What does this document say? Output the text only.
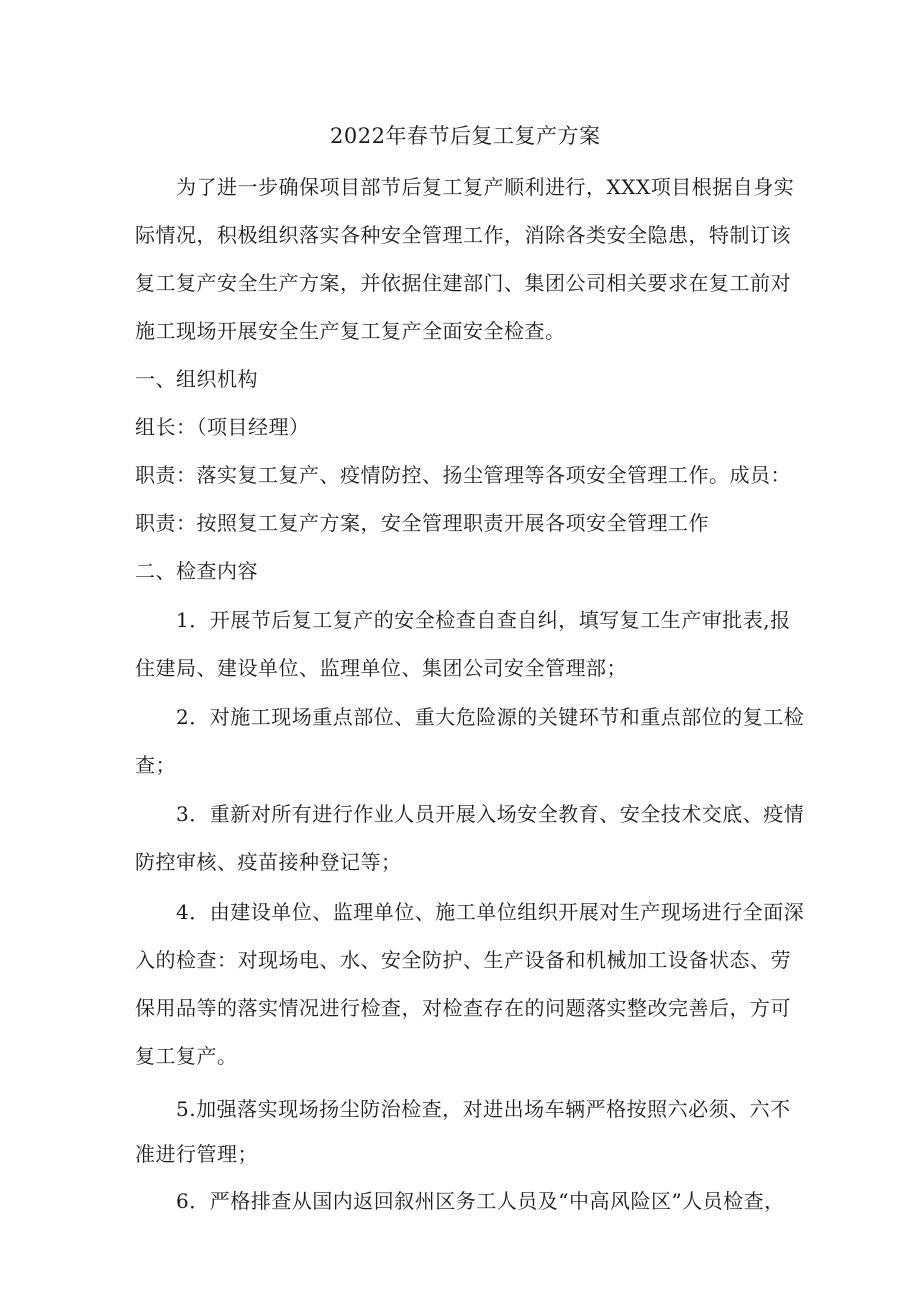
2022年春节后复工复产方案
为了进一步确保项目部节后复工复产顺利进行，XXX项目根据自身实
际情况，积极组织落实各种安全管理工作，消除各类安全隐患，特制订该
复工复产安全生产方案，并依据住建部门、集团公司相关要求在复工前对
施工现场开展安全生产复工复产全面安全检查。
一、组织机构
组长：（项目经理）
职责：落实复工复产、疫情防控、扬尘管理等各项安全管理工作。成员：
职责：按照复工复产方案，安全管理职责开展各项安全管理工作
二、检查内容
1．开展节后复工复产的安全检查自查自纠，填写复工生产审批表,报
住建局、建设单位、监理单位、集团公司安全管理部；
2．对施工现场重点部位、重大危险源的关键环节和重点部位的复工检
查；
3．重新对所有进行作业人员开展入场安全教育、安全技术交底、疫情
防控审核、疫苗接种登记等；
4．由建设单位、监理单位、施工单位组织开展对生产现场进行全面深
入的检查：对现场电、水、安全防护、生产设备和机械加工设备状态、劳
保用品等的落实情况进行检查，对检查存在的问题落实整改完善后，方可
复工复产。
5.加强落实现场扬尘防治检查，对进出场车辆严格按照六必须、六不
准进行管理；
6．严格排查从国内返回叙州区务工人员及“中高风险区”人员检查，
